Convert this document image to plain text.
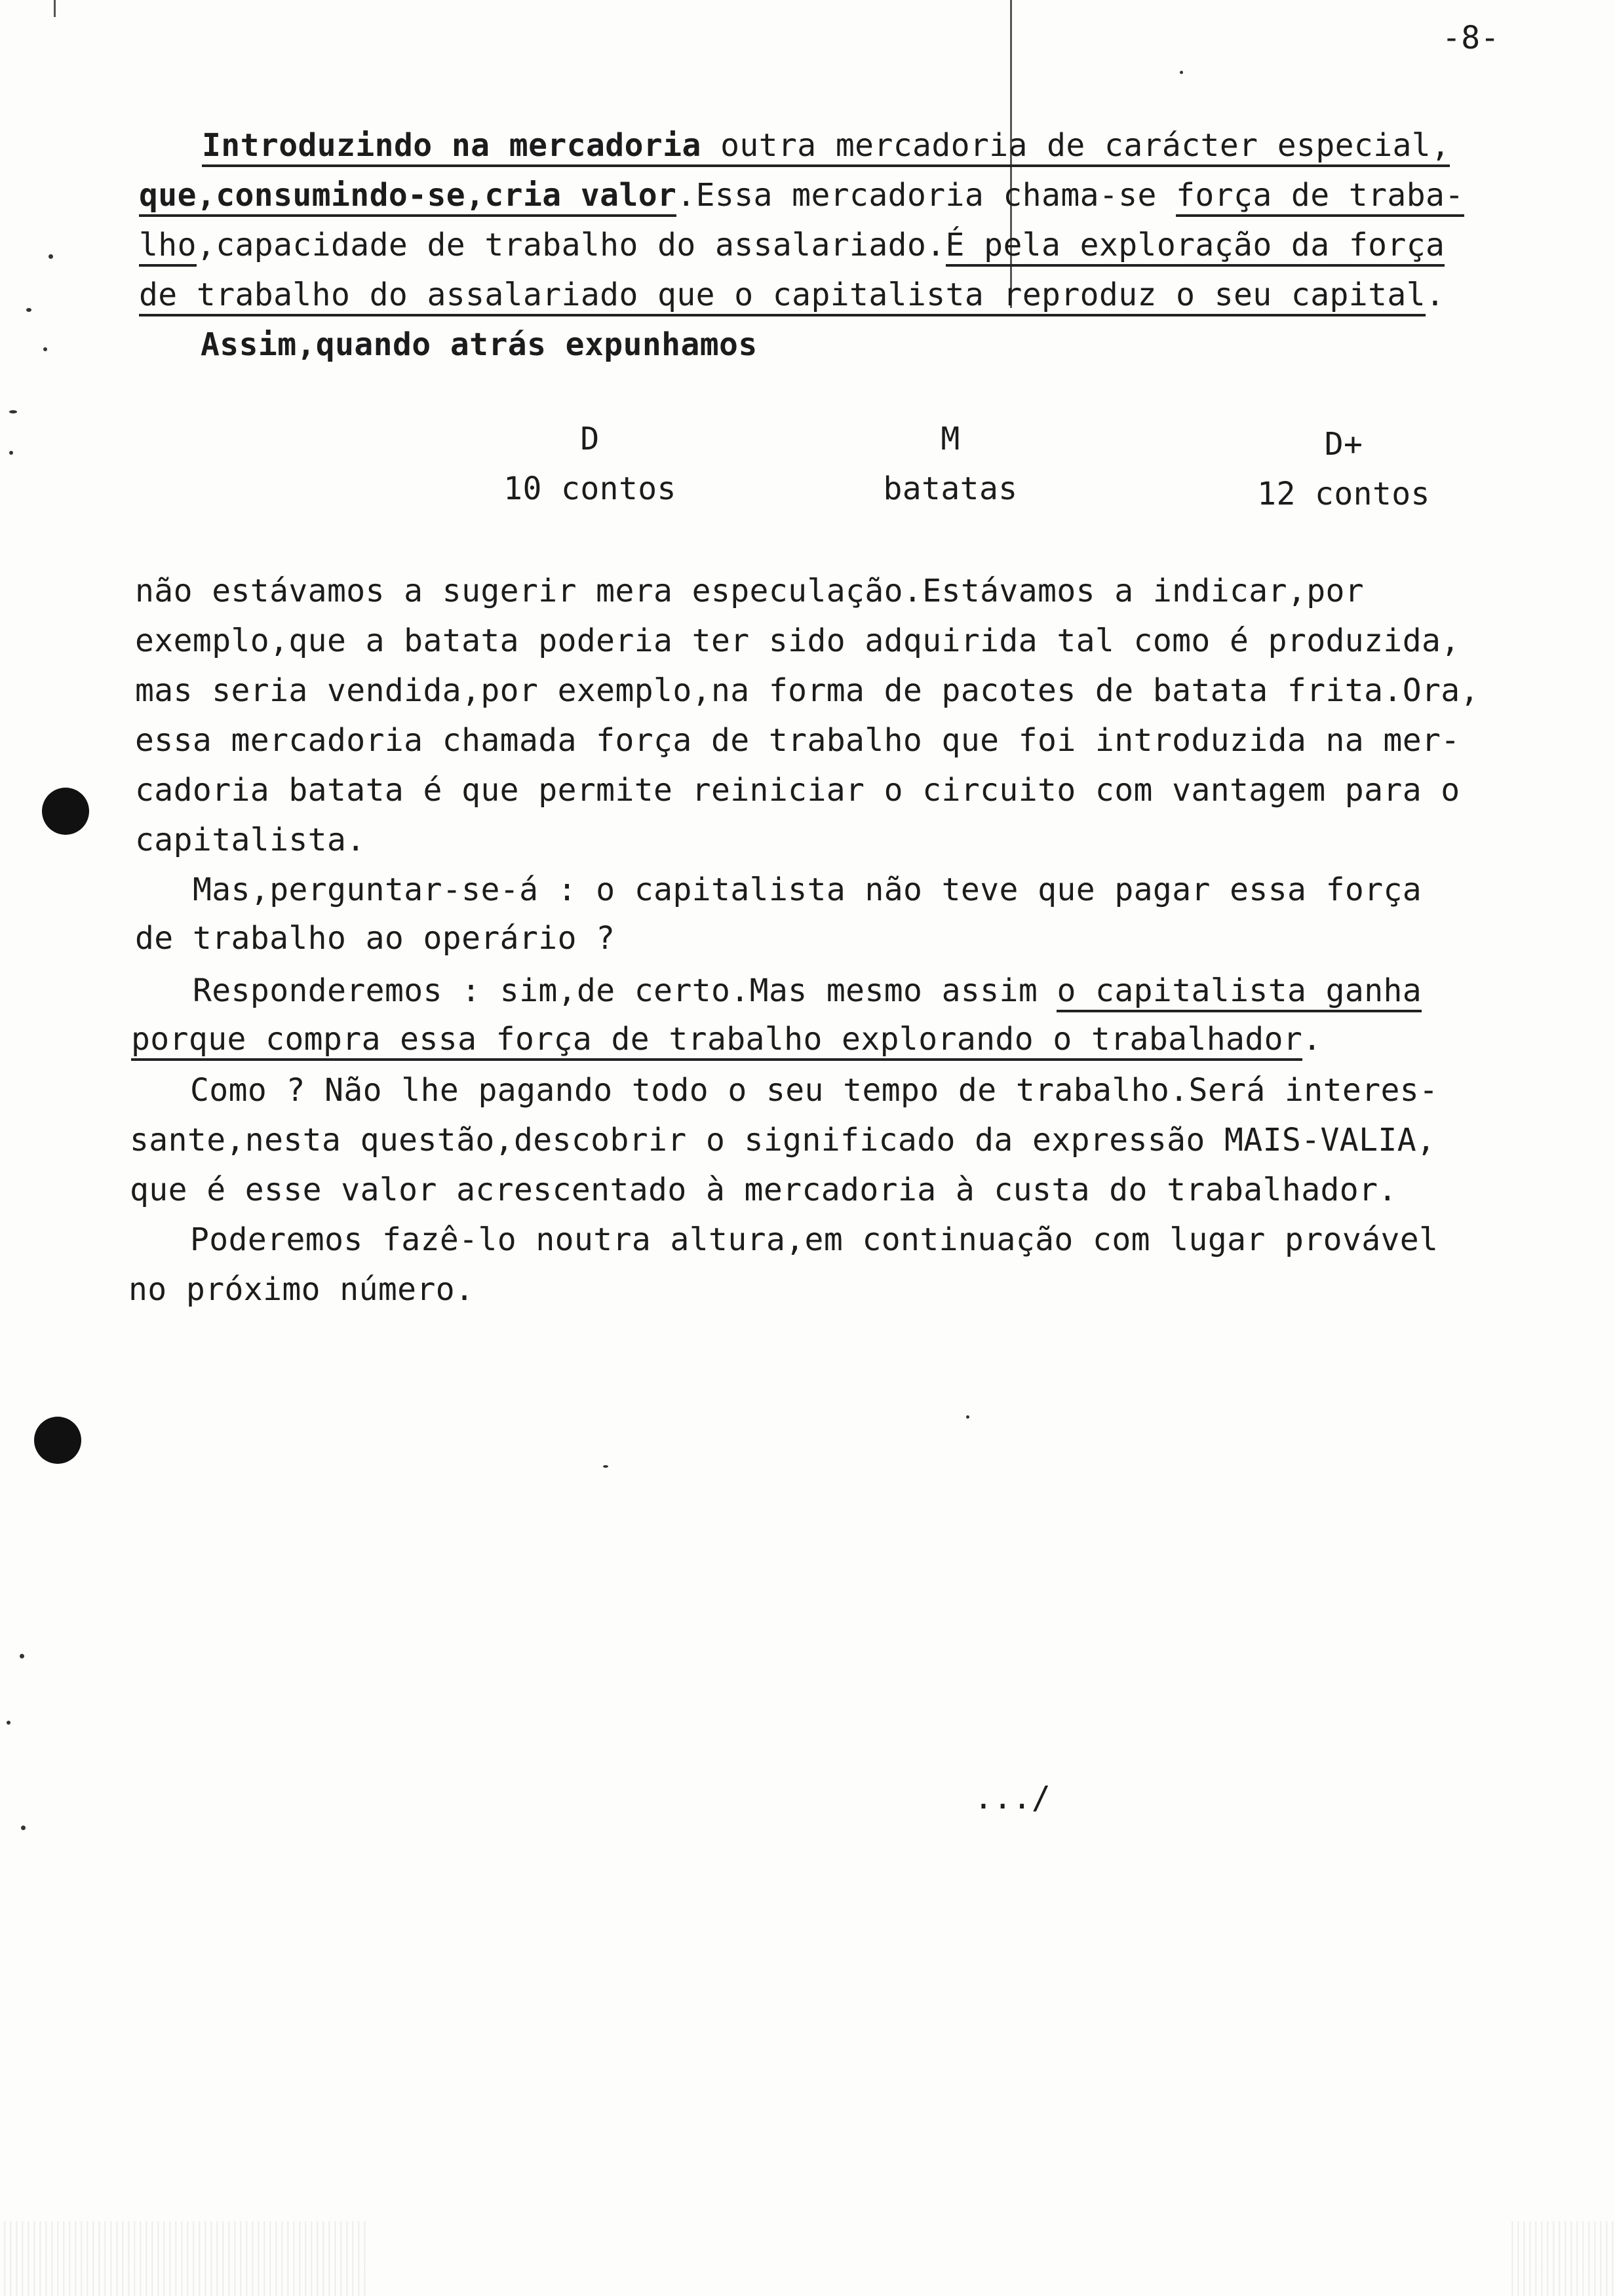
-8-
Introduzindo na mercadoria outra mercadoria de carácter especial,
que,consumindo-se,cria valor.Essa mercadoria chama-se força de traba-
lho,capacidade de trabalho do assalariado.É pela exploração da força
de trabalho do assalariado que o capitalista reproduz o seu capital.
Assim,quando atrás expunhamos
D
10 contos
M
batatas
D+
12 contos
não estávamos a sugerir mera especulação.Estávamos a indicar,por
exemplo,que a batata poderia ter sido adquirida tal como é produzida,
mas seria vendida,por exemplo,na forma de pacotes de batata frita.Ora,
essa mercadoria chamada força de trabalho que foi introduzida na mer-
cadoria batata é que permite reiniciar o circuito com vantagem para o
capitalista.
Mas,perguntar-se-á : o capitalista não teve que pagar essa força
de trabalho ao operário ?
Responderemos : sim,de certo.Mas mesmo assim o capitalista ganha
porque compra essa força de trabalho explorando o trabalhador.
Como ? Não lhe pagando todo o seu tempo de trabalho.Será interes-
sante,nesta questão,descobrir o significado da expressão MAIS-VALIA,
que é esse valor acrescentado à mercadoria à custa do trabalhador.
Poderemos fazê-lo noutra altura,em continuação com lugar provável
no próximo número.
.../
